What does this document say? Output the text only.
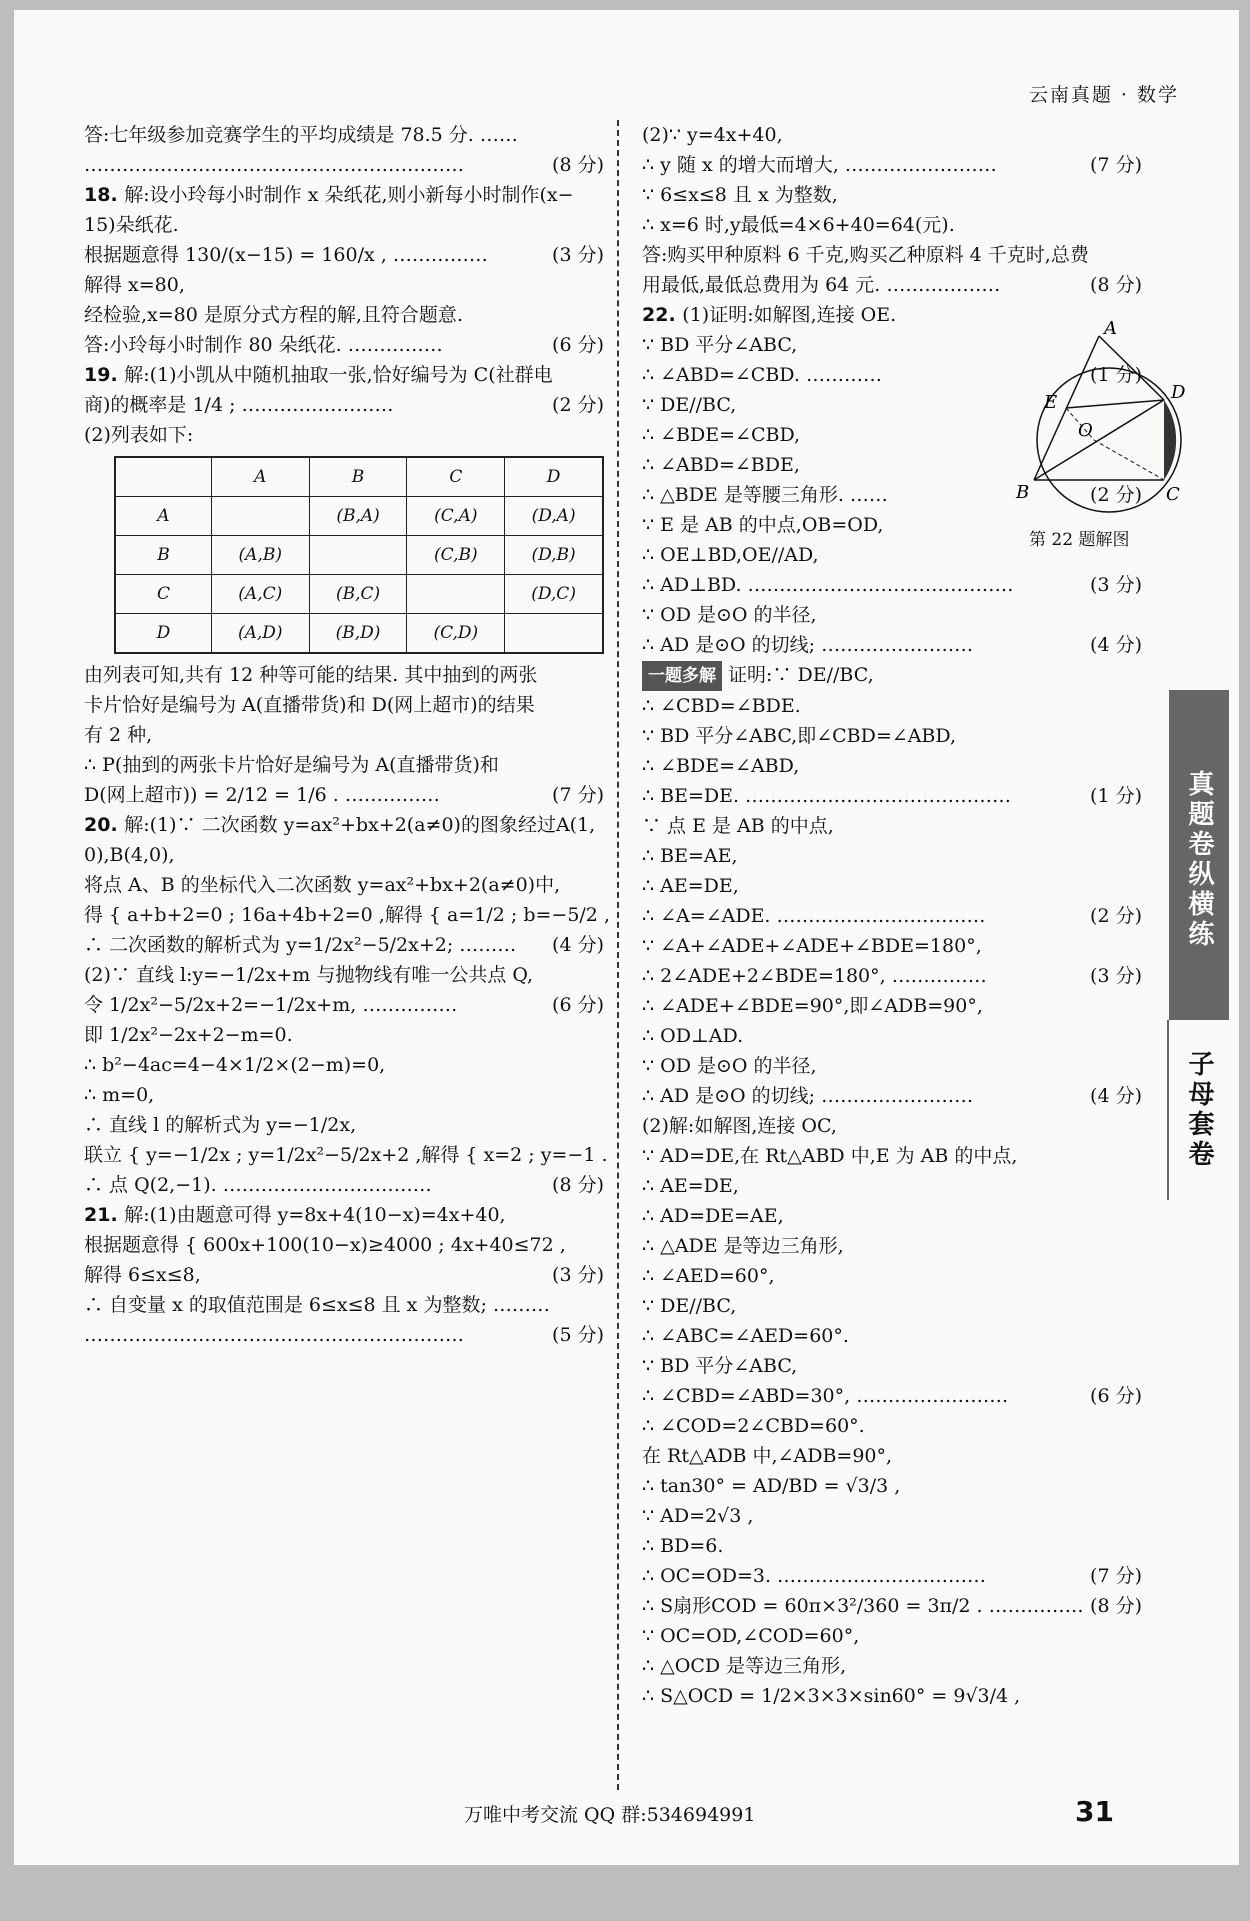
云南真题 · 数学
答:七年级参加竞赛学生的平均成绩是 78.5 分. ……
……………………………………………………	(8 分)
18. 解:设小玲每小时制作 x 朵纸花,则小新每小时制作(x−
15)朵纸花.
根据题意得 130/(x−15) = 160/x , ……………	(3 分)
解得 x=80,
经检验,x=80 是原分式方程的解,且符合题意.
答:小玲每小时制作 80 朵纸花. ……………	(6 分)
19. 解:(1)小凯从中随机抽取一张,恰好编号为 C(社群电
商)的概率是 1/4 ; ……………………	(2 分)
(2)列表如下:
	A	B	C	D
A		(B,A)	(C,A)	(D,A)
B	(A,B)		(C,B)	(D,B)
C	(A,C)	(B,C)		(D,C)
D	(A,D)	(B,D)	(C,D)	
由列表可知,共有 12 种等可能的结果. 其中抽到的两张
卡片恰好是编号为 A(直播带货)和 D(网上超市)的结果
有 2 种,
∴ P(抽到的两张卡片恰好是编号为 A(直播带货)和
D(网上超市)) = 2/12 = 1/6 . ……………	(7 分)
20. 解:(1)∵ 二次函数 y=ax²+bx+2(a≠0)的图象经过A(1,
0),B(4,0),
将点 A、B 的坐标代入二次函数 y=ax²+bx+2(a≠0)中,
得 { a+b+2=0 ; 16a+4b+2=0 ,解得 { a=1/2 ; b=−5/2 ,
∴ 二次函数的解析式为 y=1/2x²−5/2x+2; ……… (4 分)
(2)∵ 直线 l:y=−1/2x+m 与抛物线有唯一公共点 Q,
令 1/2x²−5/2x+2=−1/2x+m, ……………	(6 分)
即 1/2x²−2x+2−m=0.
∴ b²−4ac=4−4×1/2×(2−m)=0,
∴ m=0,
∴ 直线 l 的解析式为 y=−1/2x,
联立 { y=−1/2x ; y=1/2x²−5/2x+2 ,解得 { x=2 ; y=−1 .
∴ 点 Q(2,−1). ……………………………	(8 分)
21. 解:(1)由题意可得 y=8x+4(10−x)=4x+40,
根据题意得 { 600x+100(10−x)≥4000 ; 4x+40≤72 ,
(3 分)
解得 6≤x≤8,
∴ 自变量 x 的取值范围是 6≤x≤8 且 x 为整数; ………
……………………………………………………	(5 分)
(2)∵ y=4x+40,
∴ y 随 x 的增大而增大, ……………………	(7 分)
∵ 6≤x≤8 且 x 为整数,
∴ x=6 时,y最低=4×6+40=64(元).
答:购买甲种原料 6 千克,购买乙种原料 4 千克时,总费
用最低,最低总费用为 64 元. ………………	(8 分)
22. (1)证明:如解图,连接 OE.
∵ BD 平分∠ABC,
∴ ∠ABD=∠CBD. …………	(1 分)
∵ DE//BC,
∴ ∠BDE=∠CBD,
∴ ∠ABD=∠BDE,
∴ △BDE 是等腰三角形. ……	(2 分)
∵ E 是 AB 的中点,OB=OD,
∴ OE⊥BD,OE//AD,
∴ AD⊥BD. ……………………………………	(3 分)
∵ OD 是⊙O 的半径,
∴ AD 是⊙O 的切线; ……………………	(4 分)
一题多解 证明:∵ DE//BC,
∴ ∠CBD=∠BDE.
∵ BD 平分∠ABC,即∠CBD=∠ABD,
∴ ∠BDE=∠ABD,
∴ BE=DE. ……………………………………	(1 分)
∵ 点 E 是 AB 的中点,
∴ BE=AE,
∴ AE=DE,
∴ ∠A=∠ADE. ……………………………	(2 分)
∵ ∠A+∠ADE+∠ADE+∠BDE=180°,
∴ 2∠ADE+2∠BDE=180°, ……………	(3 分)
∴ ∠ADE+∠BDE=90°,即∠ADB=90°,
∴ OD⊥AD.
∵ OD 是⊙O 的半径,
∴ AD 是⊙O 的切线; ……………………	(4 分)
(2)解:如解图,连接 OC,
∵ AD=DE,在 Rt△ABD 中,E 为 AB 的中点,
∴ AE=DE,
∴ AD=DE=AE,
∴ △ADE 是等边三角形,
∴ ∠AED=60°,
∵ DE//BC,
∴ ∠ABC=∠AED=60°.
∵ BD 平分∠ABC,
∴ ∠CBD=∠ABD=30°, ……………………	(6 分)
∴ ∠COD=2∠CBD=60°.
在 Rt△ADB 中,∠ADB=90°,
∴ tan30° = AD/BD = √3/3 ,
∵ AD=2√3 ,
∴ BD=6.
∴ OC=OD=3. ……………………………	(7 分)
∴ S扇形COD = 60π×3²/360 = 3π/2 . …………… (8 分)
∵ OC=OD,∠COD=60°,
∴ △OCD 是等边三角形,
∴ S△OCD = 1/2×3×3×sin60° = 9√3/4 ,
A
B	C
D
E
O
第 22 题解图
真题卷纵横练
子母套卷
万唯中考交流 QQ 群:534694991	31
